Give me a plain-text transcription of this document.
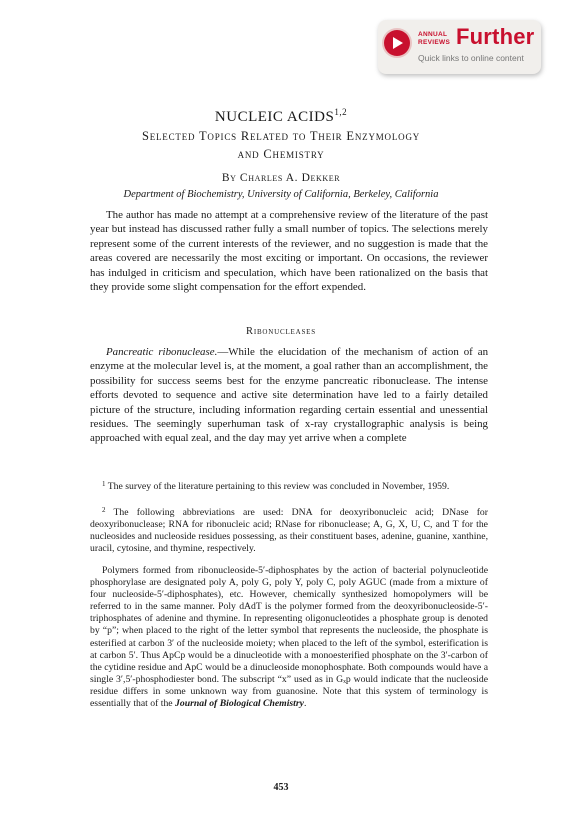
ANNUAL
REVIEWS Further
Quick links to online content
NUCLEIC ACIDS$^{1,2}$
Selected Topics Related to Their Enzymology
and Chemistry
By Charles A. Dekker
Department of Biochemistry, University of California, Berkeley, California

The author has made no attempt at a comprehensive review of the literature of the past year but instead has discussed rather fully a small number of topics. The selections merely represent some of the current interests of the reviewer, and no suggestion is made that the areas covered are necessarily the most exciting or important. On occasions, the reviewer has indulged in criticism and speculation, which have been rationalized on the basis that they provide some slight compensation for the effort expended.

Ribonucleases

Pancreatic ribonuclease.—While the elucidation of the mechanism of action of an enzyme at the molecular level is, at the moment, a goal rather than an accomplishment, the possibility for success seems best for the enzyme pancreatic ribonuclease. The intense efforts devoted to sequence and active site determination have led to a fairly detailed picture of the structure, including information regarding certain essential and unessential residues. The seemingly superhuman task of x-ray crystallographic analysis is being approached with equal zeal, and the day may yet arrive when a complete

$^1$ The survey of the literature pertaining to this review was concluded in November, 1959.

$^2$ The following abbreviations are used: DNA for deoxyribonucleic acid; DNase for deoxyribonuclease; RNA for ribonucleic acid; RNase for ribonuclease; A, G, X, U, C, and T for the nucleosides and nucleoside residues possessing, as their constituent bases, adenine, guanine, xanthine, uracil, cytosine, and thymine, respectively.

Polymers formed from ribonucleoside-5′-diphosphates by the action of bacterial polynucleotide phosphorylase are designated poly A, poly G, poly Y, poly C, poly AGUC (made from a mixture of four nucleoside-5′-diphosphates), etc. However, chemically synthesized homopolymers will be referred to in the same manner. Poly dAdT is the polymer formed from the deoxyribonucleoside-5′-triphosphates of adenine and thymine. In representing oligonucleotides a phosphate group is denoted by “p”; when placed to the right of the letter symbol that represents the nucleoside, the phosphate is esterified at carbon 3′ of the nucleoside moiety; when placed to the left of the symbol, esterification is at carbon 5′. Thus ApCp would be a dinucleotide with a monoesterified phosphate on the 3′-carbon of the cytidine residue and ApC would be a dinucleoside monophosphate. Both compounds would have a single 3′,5′-phosphodiester bond. The subscript “x” used as in Gₓp would indicate that the nucleoside residue differs in some unknown way from guanosine. Note that this system of terminology is essentially that of the Journal of Biological Chemistry.

453
